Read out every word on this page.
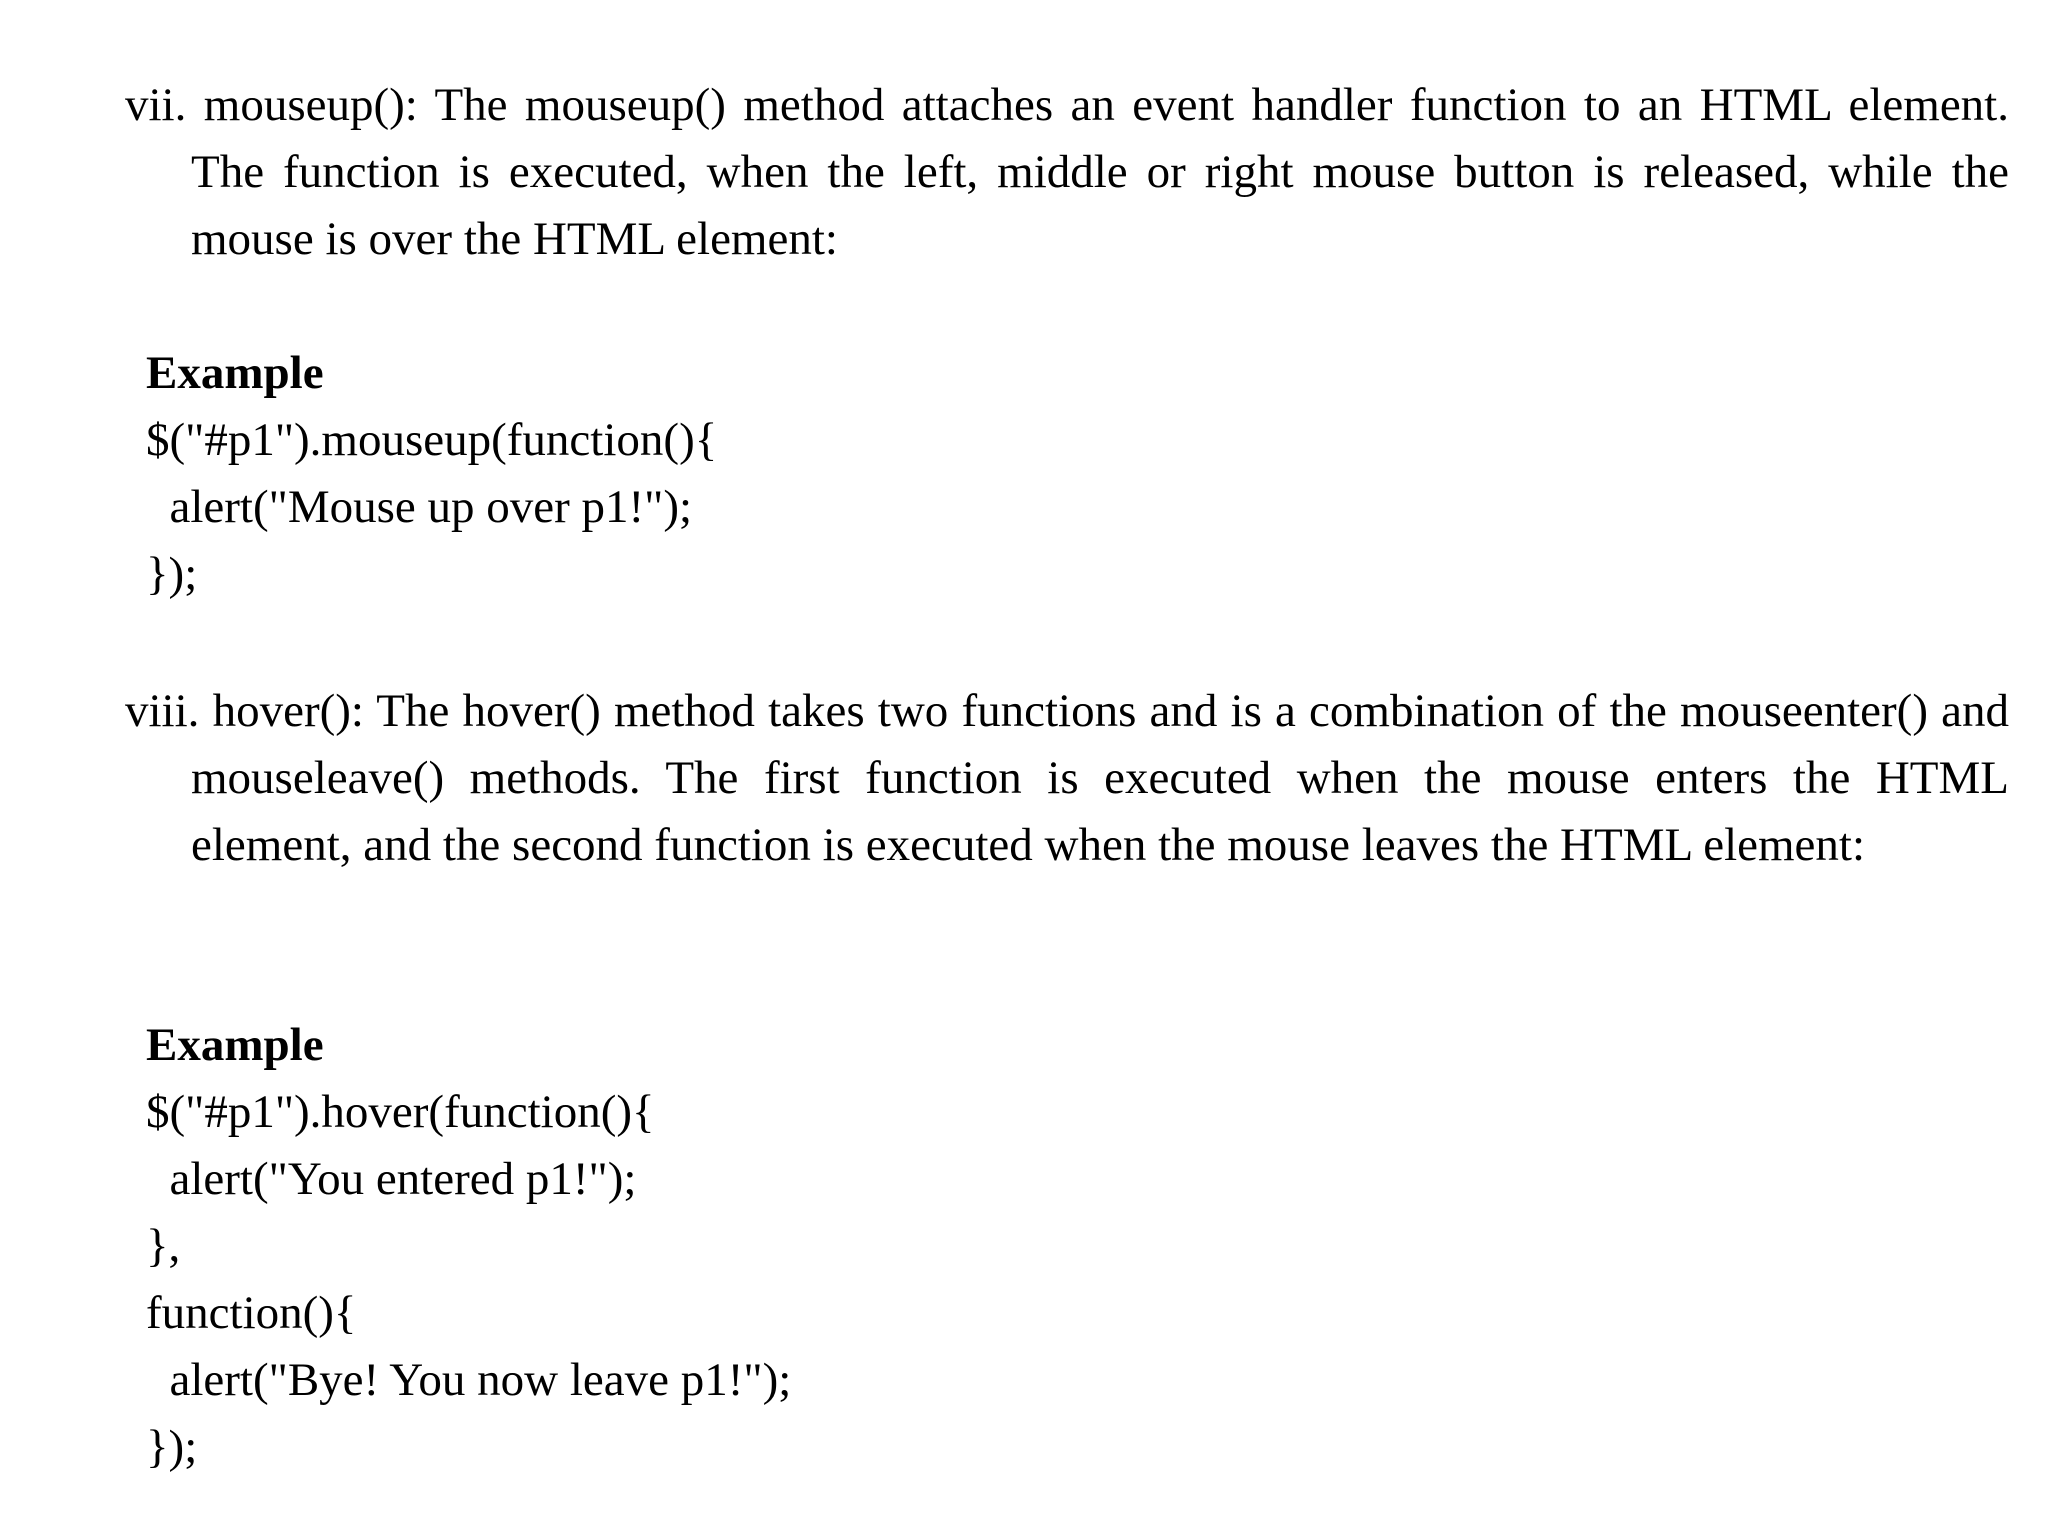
vii. mouseup(): The mouseup() method attaches an event handler function to an HTML element. The function is executed, when the left, middle or right mouse button is released, while the mouse is over the HTML element:

Example
$("#p1").mouseup(function(){
alert("Mouse up over p1!");
});

viii. hover(): The hover() method takes two functions and is a combination of the mouseenter() and mouseleave() methods. The first function is executed when the mouse enters the HTML element, and the second function is executed when the mouse leaves the HTML element:

Example
$("#p1").hover(function(){
alert("You entered p1!");
},
function(){
alert("Bye! You now leave p1!");
});
